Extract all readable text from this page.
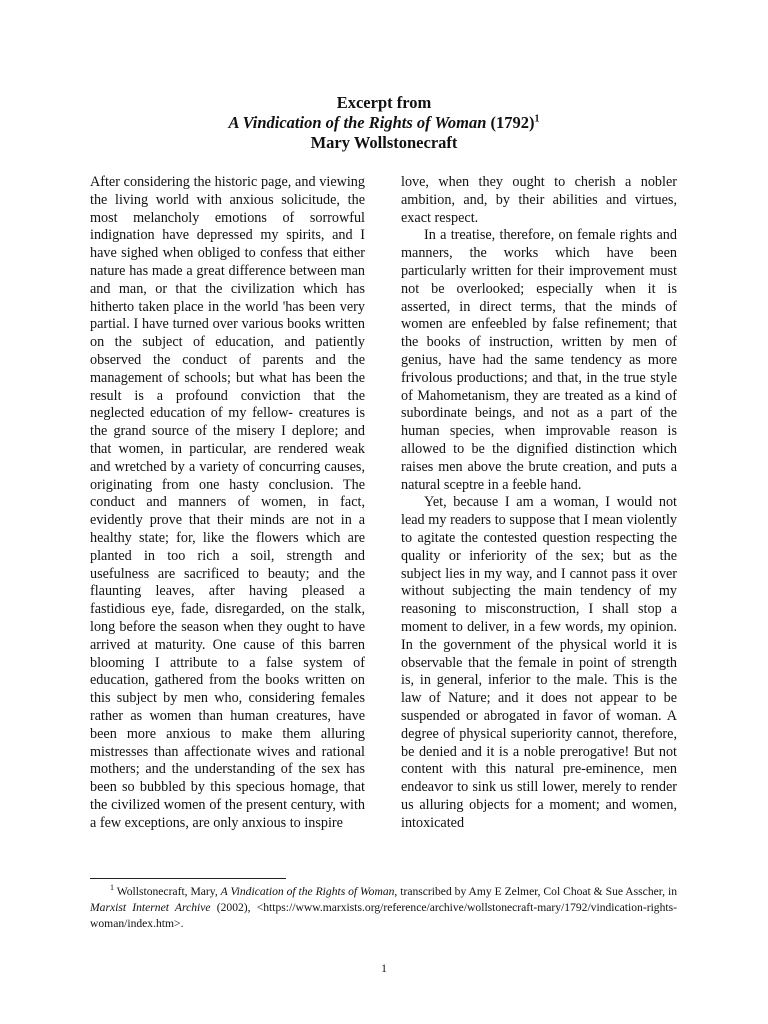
Excerpt from
A Vindication of the Rights of Woman $(1792)^1$
Mary Wollstonecraft

After considering the historic page, and viewing the living world with anxious solicitude, the most melancholy emotions of sorrowful indignation have depressed my spirits, and I have sighed when obliged to confess that either nature has made a great difference between man and man, or that the civilization which has hitherto taken place in the world 'has been very partial. I have turned over various books written on the subject of education, and patiently observed the conduct of parents and the management of schools; but what has been the result is a profound conviction that the neglected education of my fellow- creatures is the grand source of the misery I deplore; and that women, in particular, are rendered weak and wretched by a variety of concurring causes, originating from one hasty conclusion. The conduct and manners of women, in fact, evidently prove that their minds are not in a healthy state; for, like the flowers which are planted in too rich a soil, strength and usefulness are sacrificed to beauty; and the flaunting leaves, after having pleased a fastidious eye, fade, disregarded, on the stalk, long before the season when they ought to have arrived at maturity. One cause of this barren blooming I attribute to a false system of education, gathered from the books written on this subject by men who, considering females rather as women than human creatures, have been more anxious to make them alluring mistresses than affectionate wives and rational mothers; and the understanding of the sex has been so bubbled by this specious homage, that the civilized women of the present century, with a few exceptions, are only anxious to inspire

love, when they ought to cherish a nobler ambition, and, by their abilities and virtues, exact respect.

In a treatise, therefore, on female rights and manners, the works which have been particularly written for their improvement must not be overlooked; especially when it is asserted, in direct terms, that the minds of women are enfeebled by false refinement; that the books of instruction, written by men of genius, have had the same tendency as more frivolous productions; and that, in the true style of Mahometanism, they are treated as a kind of subordinate beings, and not as a part of the human species, when improvable reason is allowed to be the dignified distinction which raises men above the brute creation, and puts a natural sceptre in a feeble hand.

Yet, because I am a woman, I would not lead my readers to suppose that I mean violently to agitate the contested question respecting the quality or inferiority of the sex; but as the subject lies in my way, and I cannot pass it over without subjecting the main tendency of my reasoning to misconstruction, I shall stop a moment to deliver, in a few words, my opinion. In the government of the physical world it is observable that the female in point of strength is, in general, inferior to the male. This is the law of Nature; and it does not appear to be suspended or abrogated in favor of woman. A degree of physical superiority cannot, therefore, be denied and it is a noble prerogative! But not content with this natural pre-eminence, men endeavor to sink us still lower, merely to render us alluring objects for a moment; and women, intoxicated

$^1$ Wollstonecraft, Mary, A Vindication of the Rights of Woman, transcribed by Amy E Zelmer, Col Choat & Sue Asscher, in Marxist Internet Archive (2002), <https://www.marxists.org/reference/archive/wollstonecraft-mary/1792/vindication-rights-woman/index.htm>.
1
